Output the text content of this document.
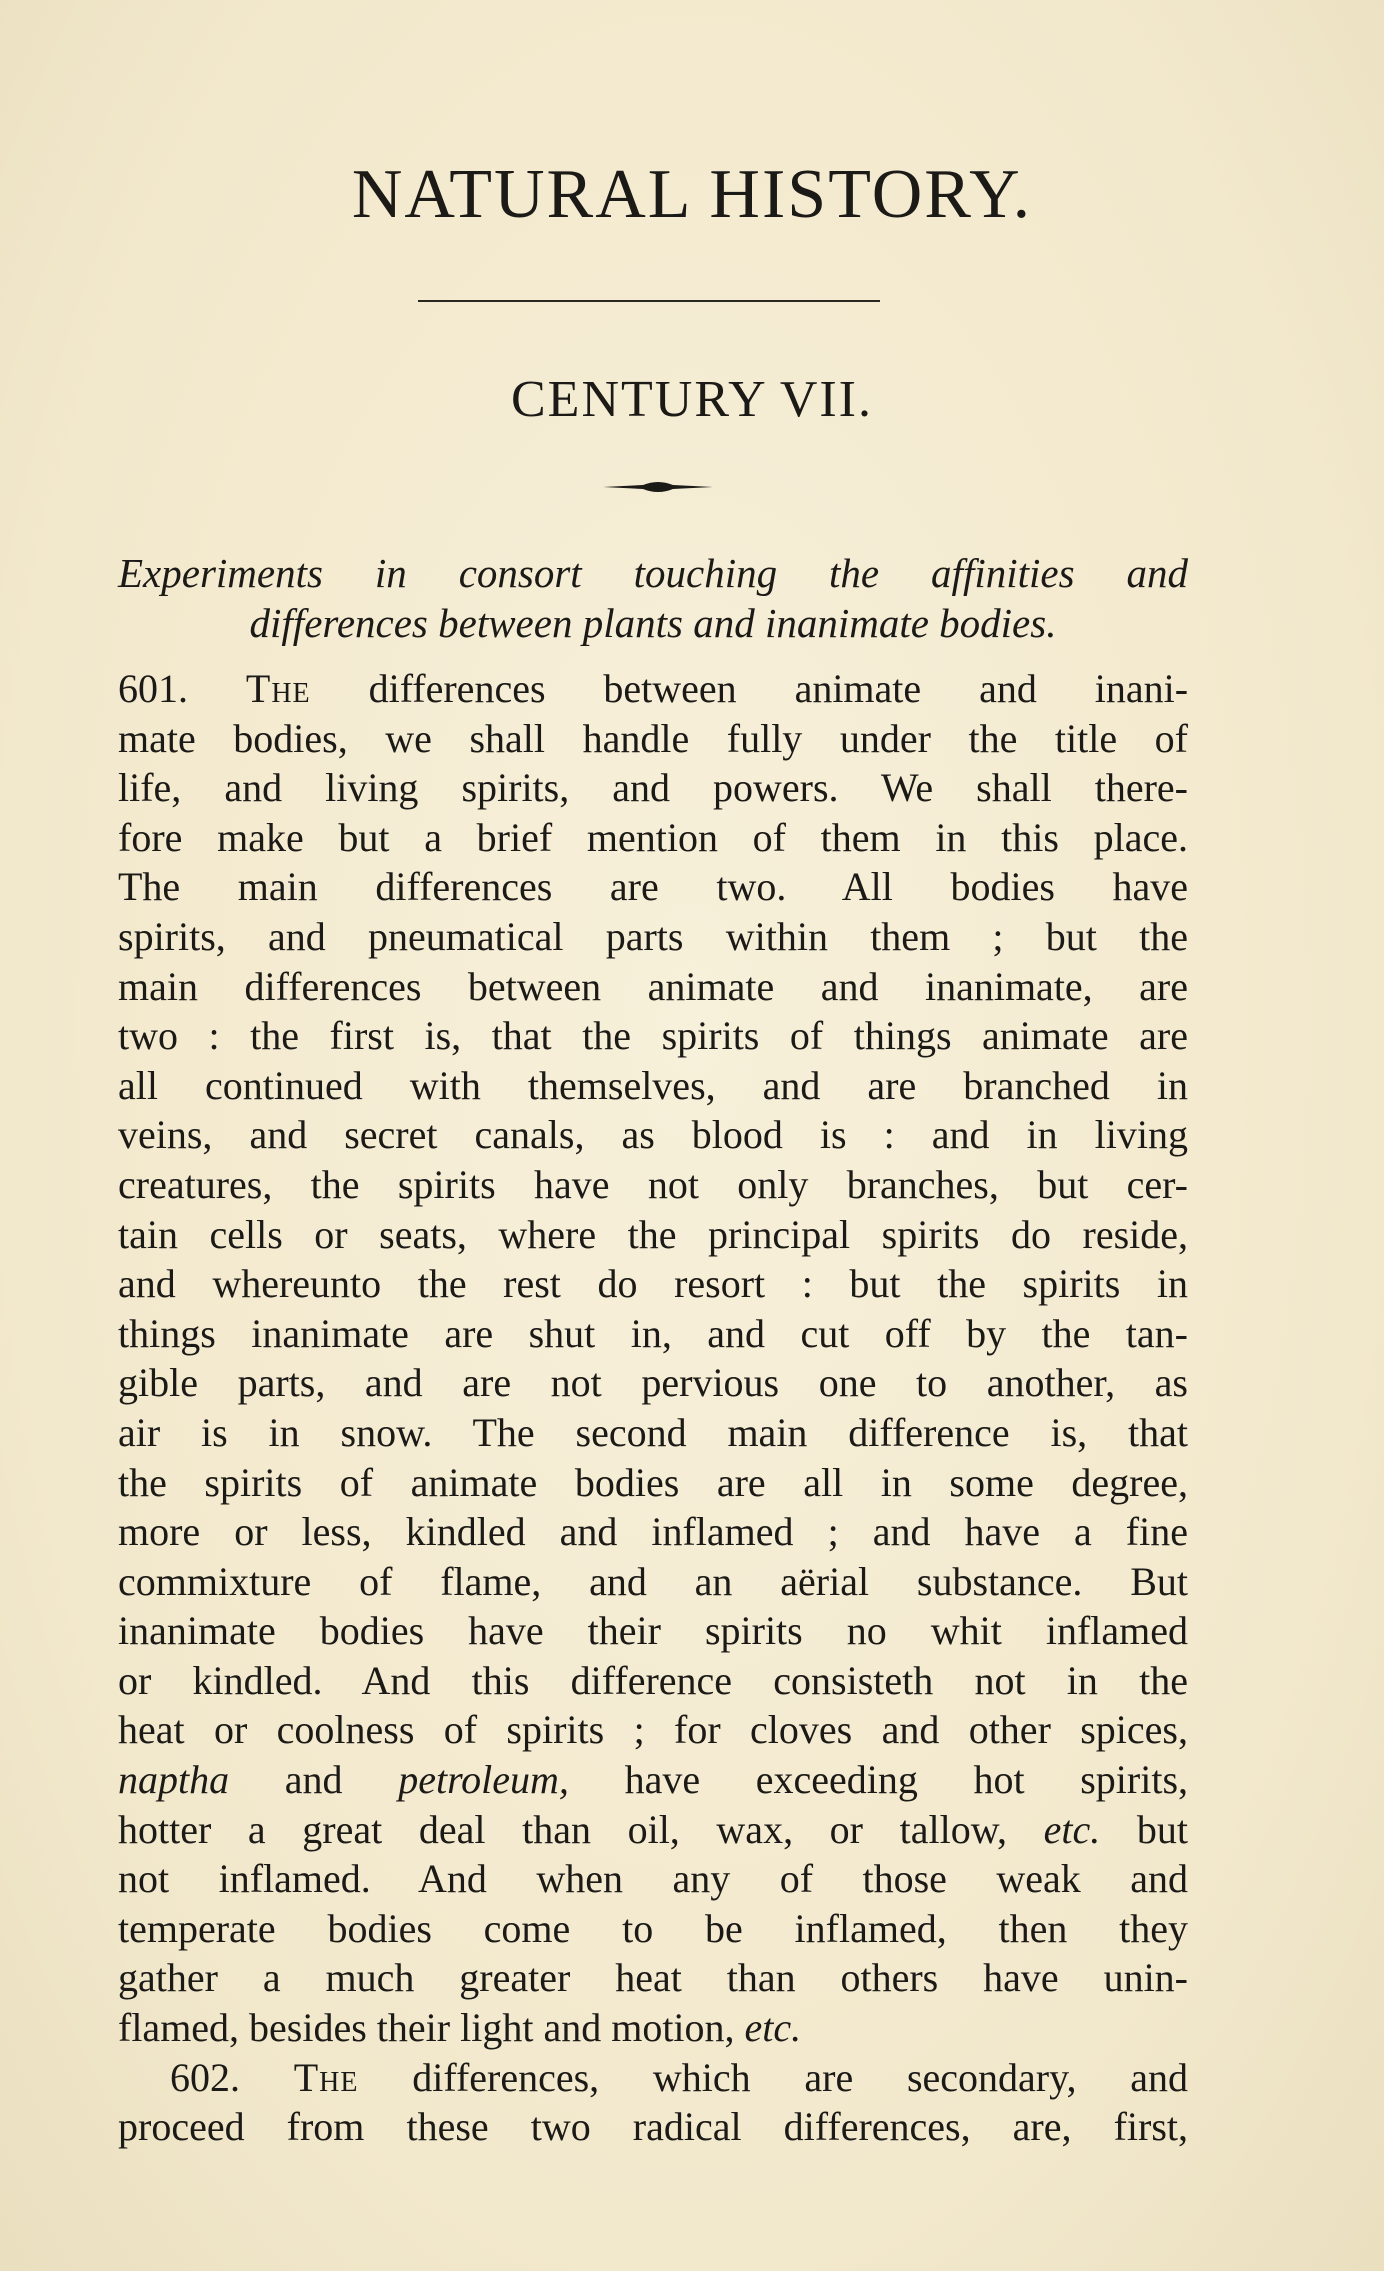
NATURAL HISTORY.
CENTURY VII.
Experiments in consort touching the affinities and
differences between plants and inanimate bodies.
601. The differences between animate and inani-
mate bodies, we shall handle fully under the title of
life, and living spirits, and powers. We shall there-
fore make but a brief mention of them in this place.
The main differences are two. All bodies have
spirits, and pneumatical parts within them ; but the
main differences between animate and inanimate, are
two : the first is, that the spirits of things animate are
all continued with themselves, and are branched in
veins, and secret canals, as blood is : and in living
creatures, the spirits have not only branches, but cer-
tain cells or seats, where the principal spirits do reside,
and whereunto the rest do resort : but the spirits in
things inanimate are shut in, and cut off by the tan-
gible parts, and are not pervious one to another, as
air is in snow. The second main difference is, that
the spirits of animate bodies are all in some degree,
more or less, kindled and inflamed ; and have a fine
commixture of flame, and an aërial substance. But
inanimate bodies have their spirits no whit inflamed
or kindled. And this difference consisteth not in the
heat or coolness of spirits ; for cloves and other spices,
naptha and petroleum, have exceeding hot spirits,
hotter a great deal than oil, wax, or tallow, etc. but
not inflamed. And when any of those weak and
temperate bodies come to be inflamed, then they
gather a much greater heat than others have unin-
flamed, besides their light and motion, etc.
602. The differences, which are secondary, and
proceed from these two radical differences, are, first,
